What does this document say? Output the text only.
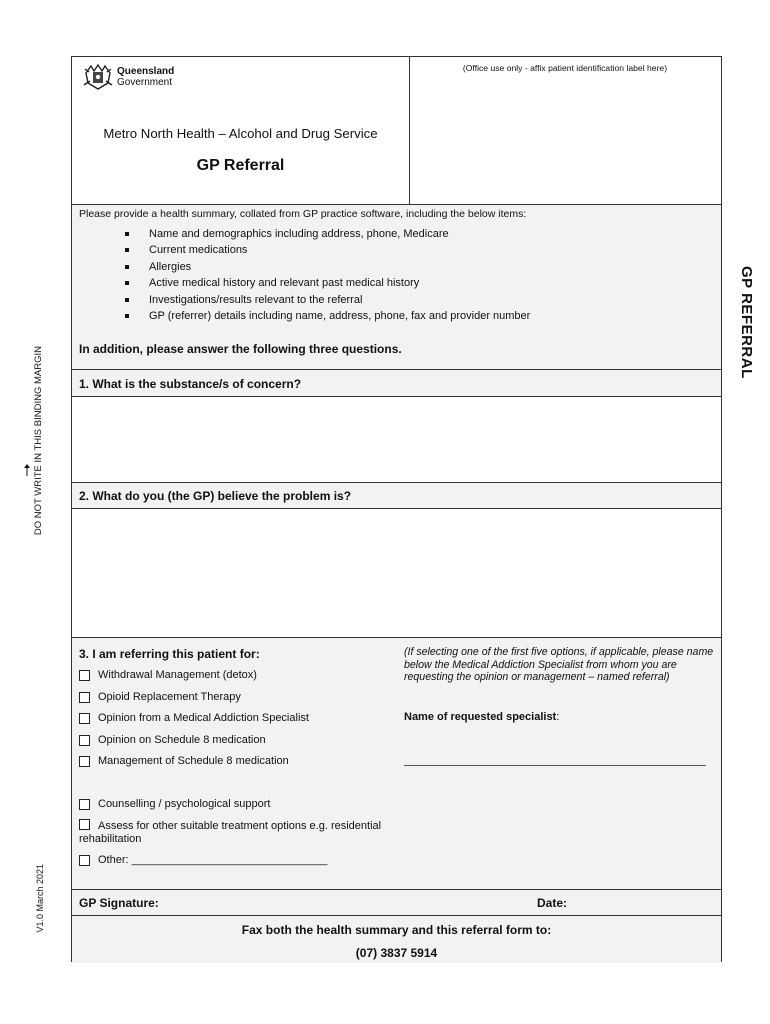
DO NOT WRITE IN THIS BINDING MARGIN
V1.0 March 2021
GP REFERRAL
Queensland
Government
Metro North Health – Alcohol and Drug Service
GP Referral
(Office use only - affix patient identification label here)
Please provide a health summary, collated from GP practice software, including the below items:
Name and demographics including address, phone, Medicare
Current medications
Allergies
Active medical history and relevant past medical history
Investigations/results relevant to the referral
GP (referrer) details including name, address, phone, fax and provider number
In addition, please answer the following three questions.
1. What is the substance/s of concern?
2. What do you (the GP) believe the problem is?
3. I am referring this patient for:
Withdrawal Management (detox)
Opioid Replacement Therapy
Opinion from a Medical Addiction Specialist
Opinion on Schedule 8 medication
Management of Schedule 8 medication
Counselling / psychological support
Assess for other suitable treatment options e.g. residential rehabilitation
Other: ________________________________
(If selecting one of the first five options, if applicable, please name below the Medical Addiction Specialist from whom you are requesting the opinion or management – named referral)
Name of requested specialist:
GP Signature:	Date:
Fax both the health summary and this referral form to:
(07) 3837 5914
